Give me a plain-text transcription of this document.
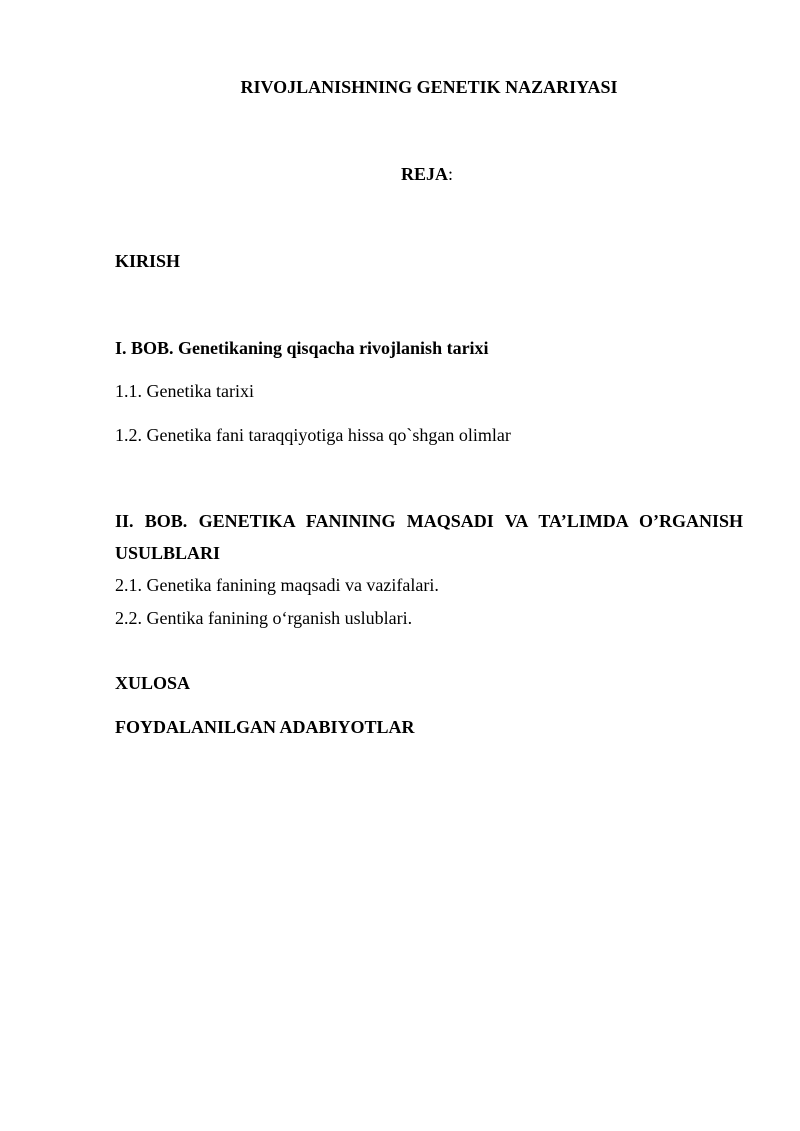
RIVOJLANISHNING GENETIK NAZARIYASI

REJA:

KIRISH

I. BOB. Genetikaning qisqacha rivojlanish tarixi

1.1. Genetika tarixi

1.2. Genetika fani taraqqiyotiga hissa qo`shgan olimlar

II. BOB. GENETIKA FANINING MAQSADI VA TA’LIMDA O’RGANISH

USULBLARI

2.1. Genetika fanining maqsadi va vazifalari.

2.2. Gentika fanining o‘rganish uslublari.

XULOSA

FOYDALANILGAN ADABIYOTLAR
